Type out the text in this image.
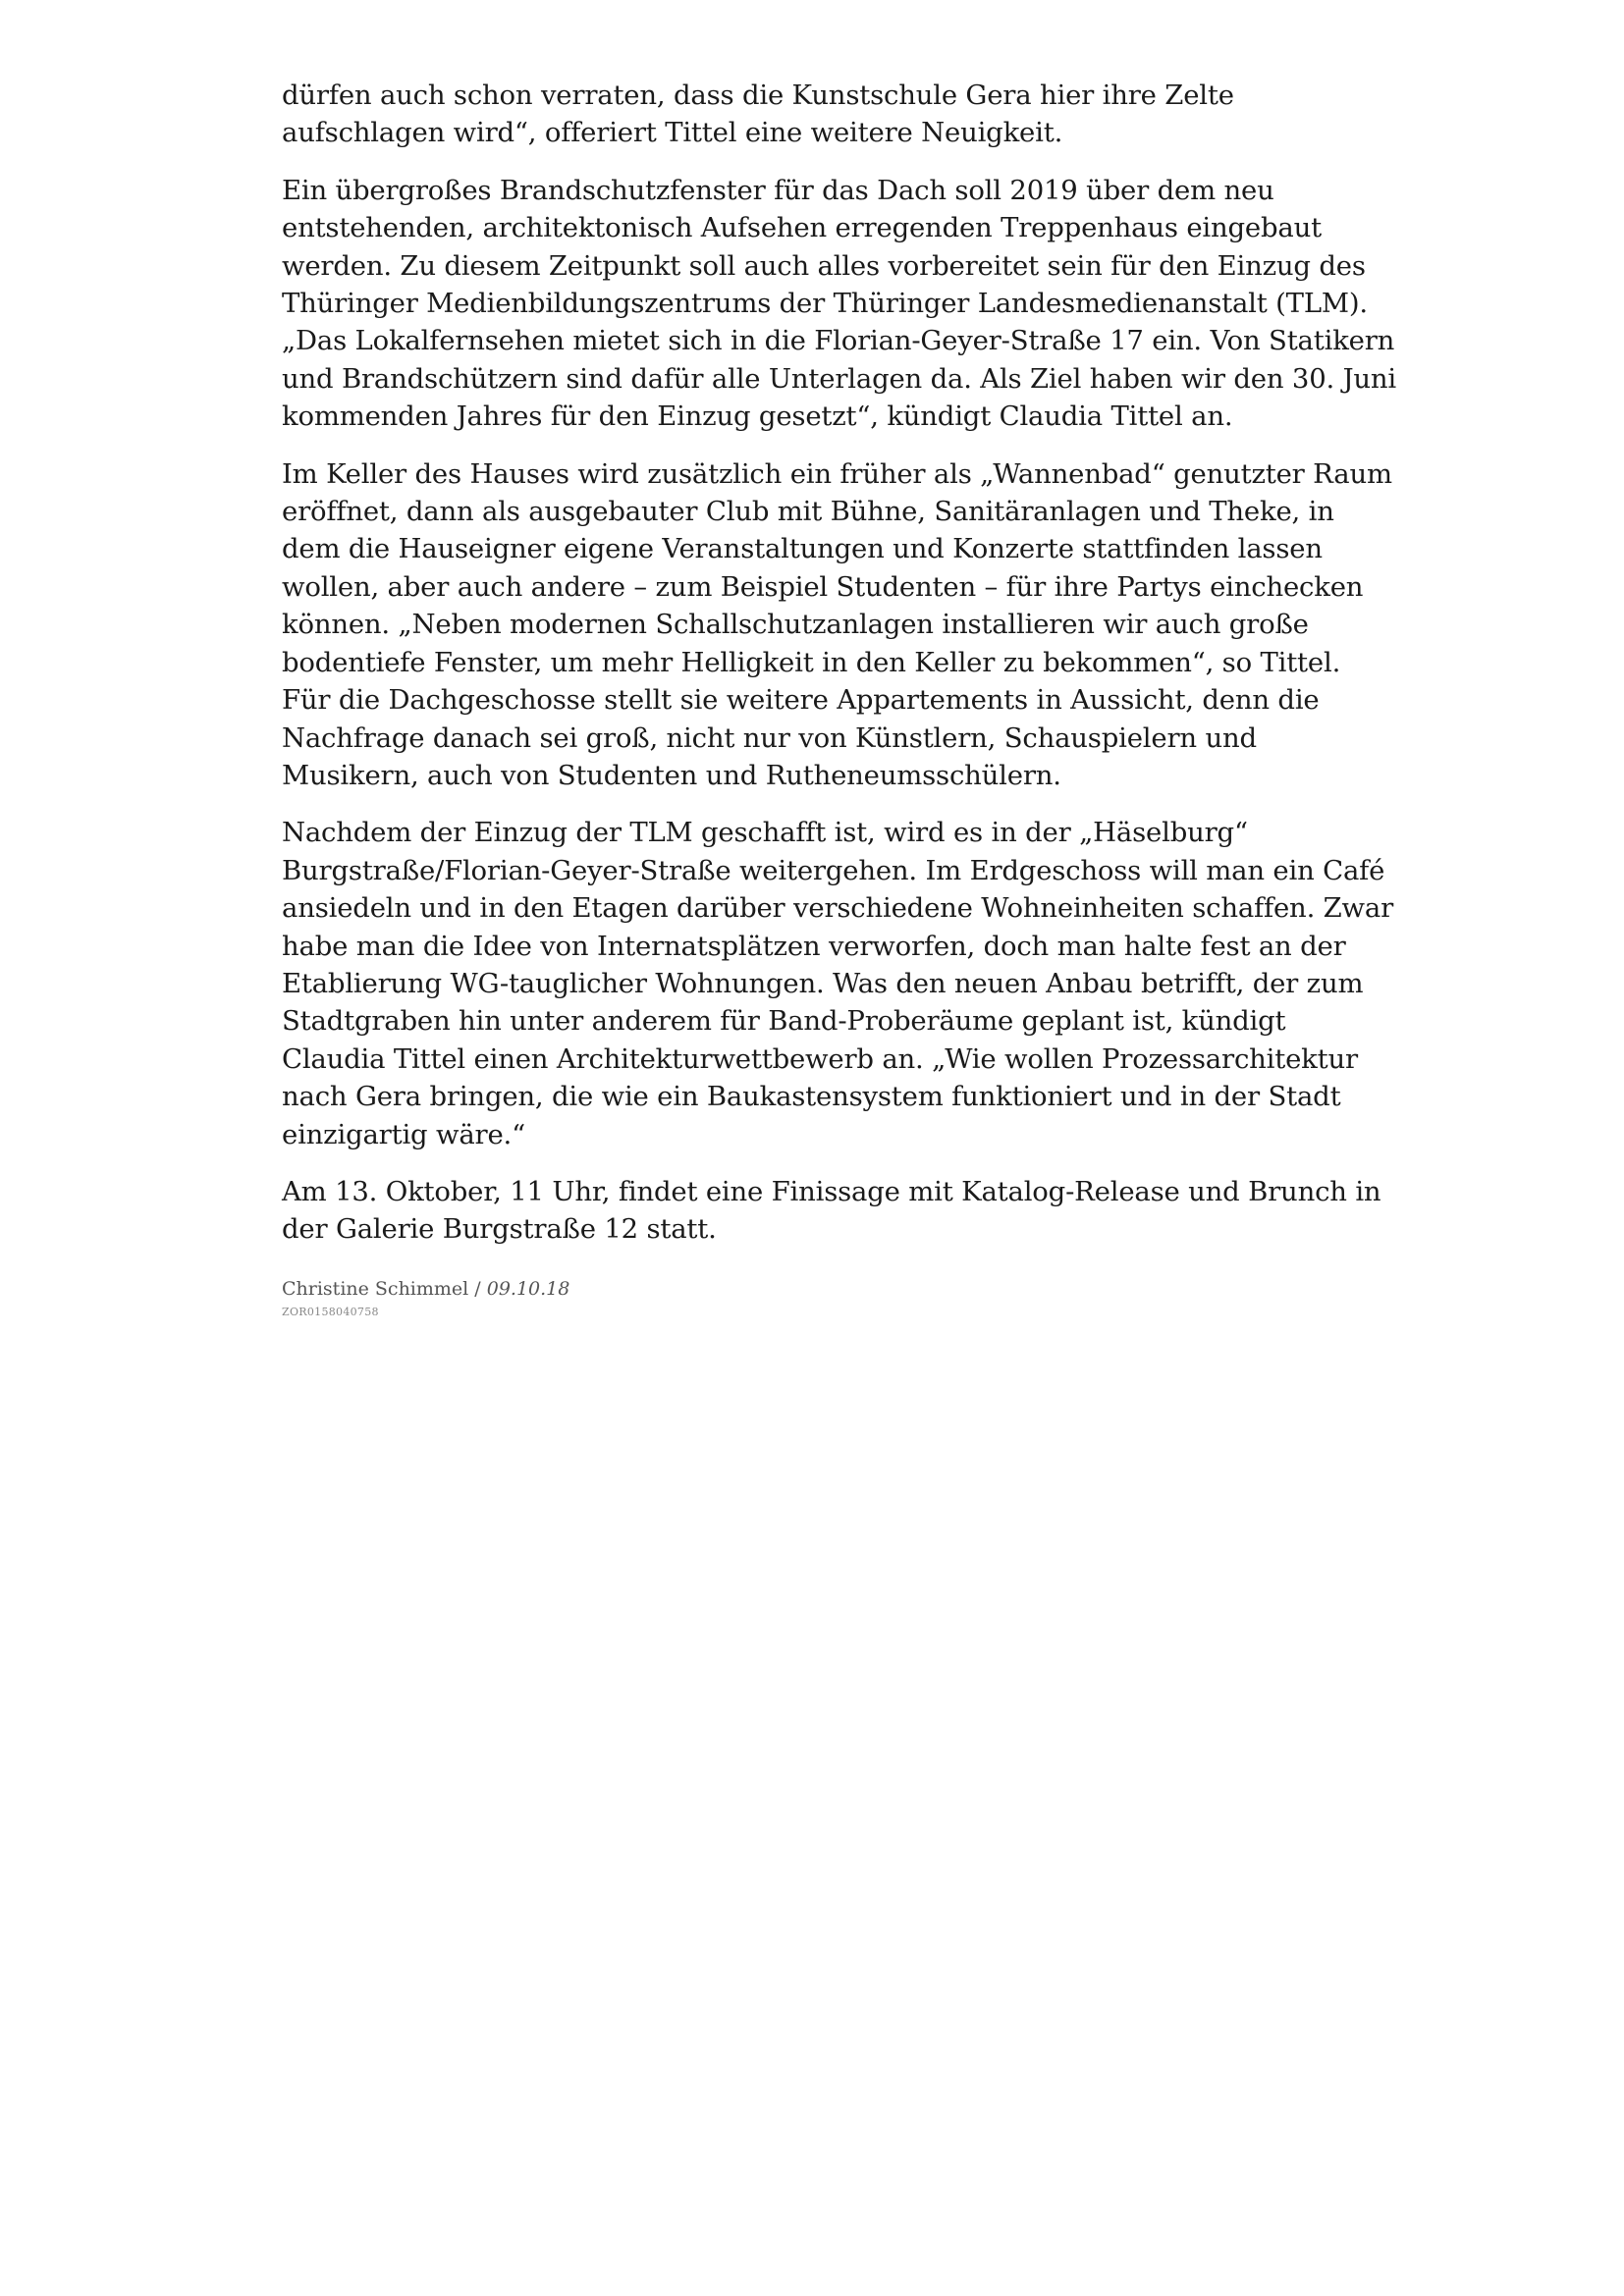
dürfen auch schon verraten, dass die Kunstschule Gera hier ihre Zelte aufschlagen wird“, offeriert Tittel eine weitere Neuigkeit.

Ein übergroßes Brandschutzfenster für das Dach soll 2019 über dem neu entstehenden, architektonisch Aufsehen erregenden Treppenhaus eingebaut werden. Zu diesem Zeitpunkt soll auch alles vorbereitet sein für den Einzug des Thüringer Medienbildungszentrums der Thüringer Landesmedienanstalt (TLM). „Das Lokalfernsehen mietet sich in die Florian-Geyer-Straße 17 ein. Von Statikern und Brandschützern sind dafür alle Unterlagen da. Als Ziel haben wir den 30. Juni kommenden Jahres für den Einzug gesetzt“, kündigt Claudia Tittel an.

Im Keller des Hauses wird zusätzlich ein früher als „Wannenbad“ genutzter Raum eröffnet, dann als ausgebauter Club mit Bühne, Sanitäranlagen und Theke, in dem die Hauseigner eigene Veranstaltungen und Konzerte stattfinden lassen wollen, aber auch andere – zum Beispiel Studenten – für ihre Partys einchecken können. „Neben modernen Schallschutzanlagen installieren wir auch große bodentiefe Fenster, um mehr Helligkeit in den Keller zu bekommen“, so Tittel. Für die Dachgeschosse stellt sie weitere Appartements in Aussicht, denn die Nachfrage danach sei groß, nicht nur von Künstlern, Schauspielern und Musikern, auch von Studenten und Rutheneumsschülern.

Nachdem der Einzug der TLM geschafft ist, wird es in der „Häselburg“ Burgstraße/Florian-Geyer-Straße weitergehen. Im Erdgeschoss will man ein Café ansiedeln und in den Etagen darüber verschiedene Wohneinheiten schaffen. Zwar habe man die Idee von Internatsplätzen verworfen, doch man halte fest an der Etablierung WG-tauglicher Wohnungen. Was den neuen Anbau betrifft, der zum Stadtgraben hin unter anderem für Band-Proberäume geplant ist, kündigt Claudia Tittel einen Architekturwettbewerb an. „Wie wollen Prozessarchitektur nach Gera bringen, die wie ein Baukastensystem funktioniert und in der Stadt einzigartig wäre.“

Am 13. Oktober, 11 Uhr, findet eine Finissage mit Katalog-Release und Brunch in der Galerie Burgstraße 12 statt.

Christine Schimmel / 09.10.18
ZOR0158040758
